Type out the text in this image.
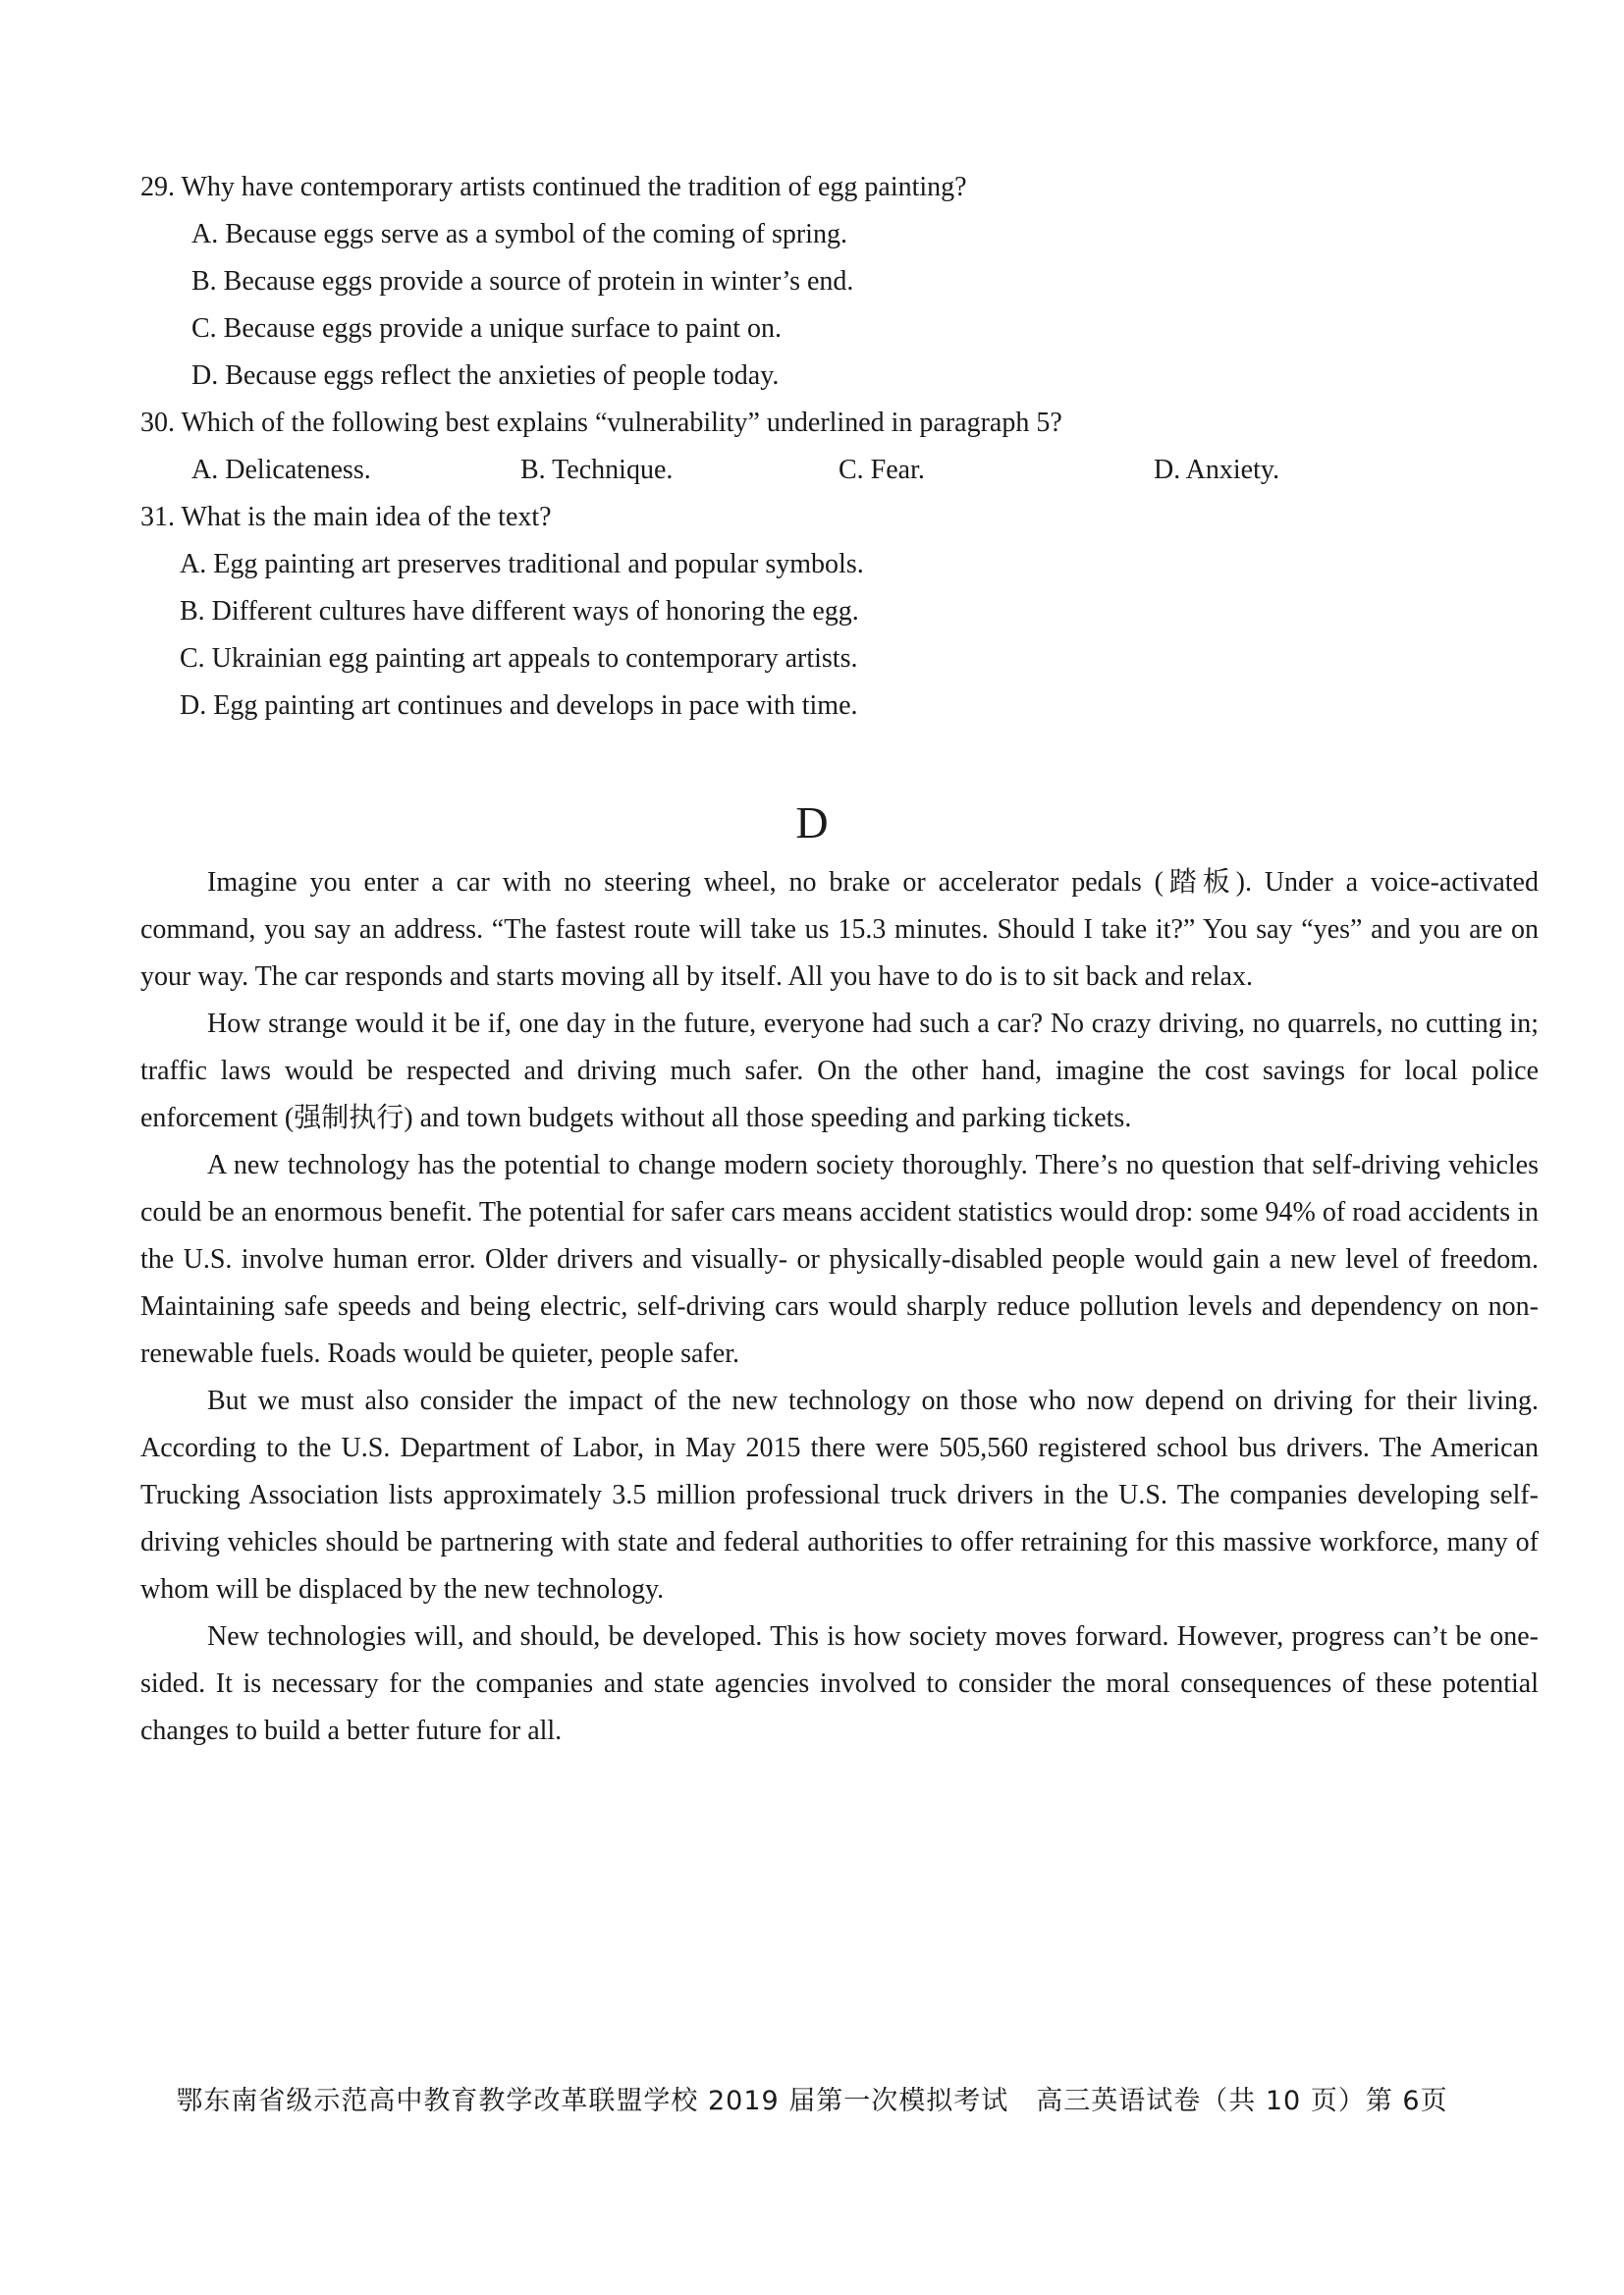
29. Why have contemporary artists continued the tradition of egg painting?
A. Because eggs serve as a symbol of the coming of spring.
B. Because eggs provide a source of protein in winter’s end.
C. Because eggs provide a unique surface to paint on.
D. Because eggs reflect the anxieties of people today.
30. Which of the following best explains “vulnerability” underlined in paragraph 5?
A. Delicateness.	B. Technique.	C. Fear.	D. Anxiety.
31. What is the main idea of the text?
A. Egg painting art preserves traditional and popular symbols.
B. Different cultures have different ways of honoring the egg.
C. Ukrainian egg painting art appeals to contemporary artists.
D. Egg painting art continues and develops in pace with time.
D

Imagine you enter a car with no steering wheel, no brake or accelerator pedals (踏板). Under a voice-activated command, you say an address. “The fastest route will take us 15.3 minutes. Should I take it?” You say “yes” and you are on your way. The car responds and starts moving all by itself. All you have to do is to sit back and relax.

How strange would it be if, one day in the future, everyone had such a car? No crazy driving, no quarrels, no cutting in; traffic laws would be respected and driving much safer. On the other hand, imagine the cost savings for local police enforcement (强制执行) and town budgets without all those speeding and parking tickets.

A new technology has the potential to change modern society thoroughly. There’s no question that self-driving vehicles could be an enormous benefit. The potential for safer cars means accident statistics would drop: some 94% of road accidents in the U.S. involve human error. Older drivers and visually- or physically-disabled people would gain a new level of freedom. Maintaining safe speeds and being electric, self-driving cars would sharply reduce pollution levels and dependency on non-renewable fuels. Roads would be quieter, people safer.

But we must also consider the impact of the new technology on those who now depend on driving for their living. According to the U.S. Department of Labor, in May 2015 there were 505,560 registered school bus drivers. The American Trucking Association lists approximately 3.5 million professional truck drivers in the U.S. The companies developing self-driving vehicles should be partnering with state and federal authorities to offer retraining for this massive workforce, many of whom will be displaced by the new technology.

New technologies will, and should, be developed. This is how society moves forward. However, progress can’t be one-sided. It is necessary for the companies and state agencies involved to consider the moral consequences of these potential changes to build a better future for all.

鄂东南省级示范高中教育教学改革联盟学校 2019 届第一次模拟考试 高三英语试卷（共 10 页）第 6页
